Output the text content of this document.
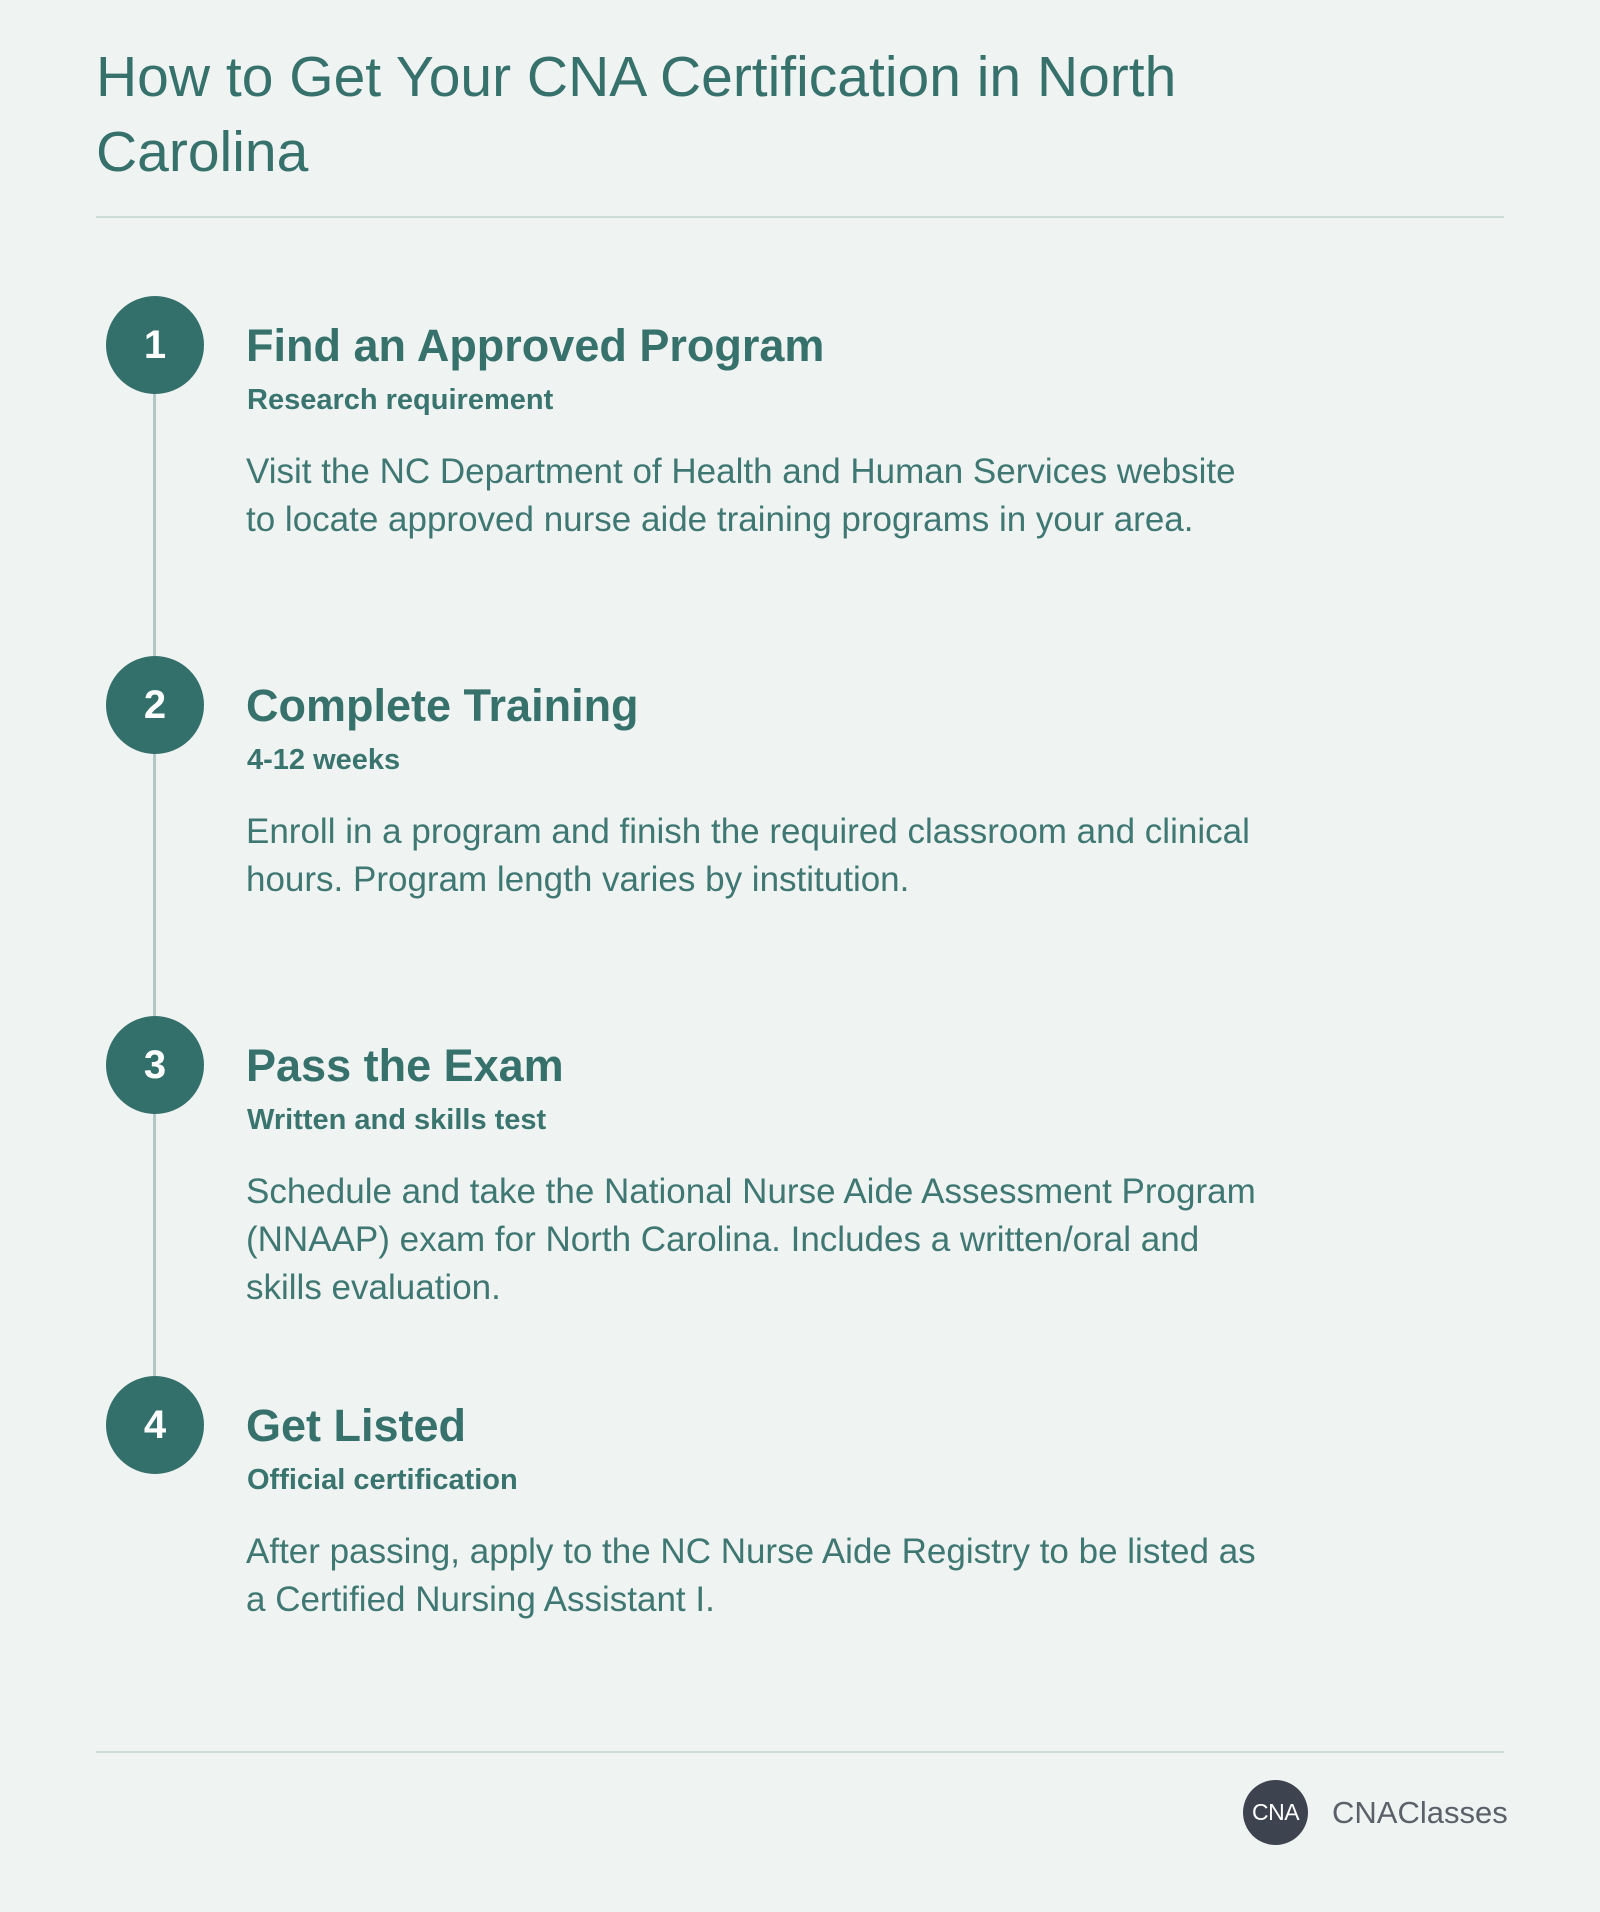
How to Get Your CNA Certification in North Carolina
1	Find an Approved Program
Research requirement

Visit the NC Department of Health and Human Services website to locate approved nurse aide training programs in your area.

2	Complete Training
4-12 weeks

Enroll in a program and finish the required classroom and clinical hours. Program length varies by institution.

3	Pass the Exam
Written and skills test

Schedule and take the National Nurse Aide Assessment Program (NNAAP) exam for North Carolina. Includes a written/oral and skills evaluation.

4	Get Listed
Official certification

After passing, apply to the NC Nurse Aide Registry to be listed as a Certified Nursing Assistant I.

CNA CNAClasses
